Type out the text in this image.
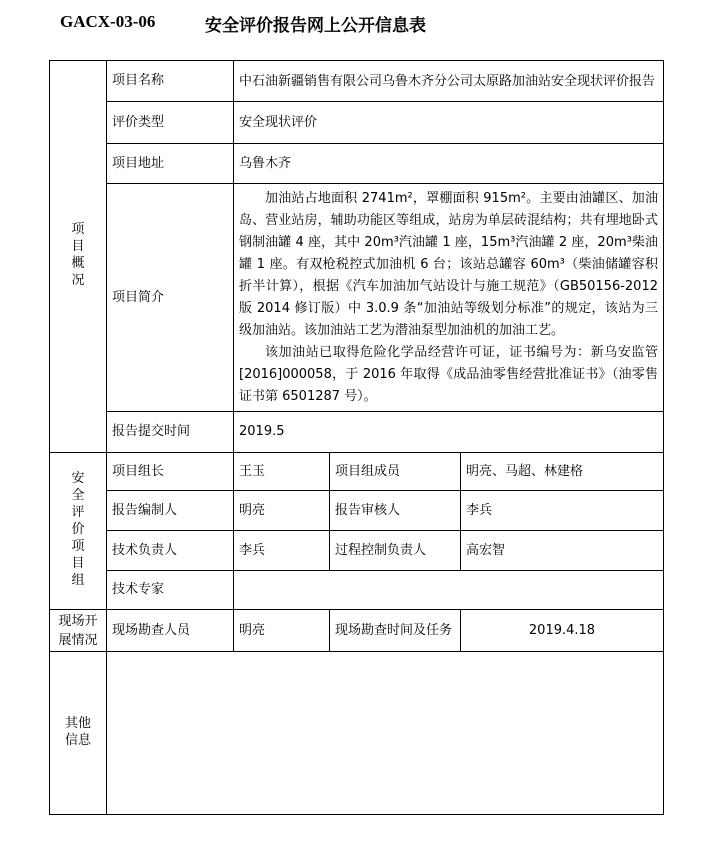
GACX-03-06	安全评价报告网上公开信息表
项目概况	项目名称	中石油新疆销售有限公司乌鲁木齐分公司太原路加油站安全现状评价报告		
	评价类型	安全现状评价		
	项目地址	乌鲁木齐		
	项目简介	加油站占地面积 2741m²，罩棚面积 915m²。主要由油罐区、加油岛、营业站房，辅助功能区等组成，站房为单层砖混结构；共有埋地卧式钢制油罐 4 座，其中 20m³汽油罐 1 座，15m³汽油罐 2 座，20m³柴油罐 1 座。有双枪税控式加油机 6 台；该站总罐容 60m³（柴油储罐容积折半计算），根据《汽车加油加气站设计与施工规范》（GB50156-2012 版 2014 修订版）中 3.0.9 条“加油站等级划分标准”的规定，该站为三级加油站。该加油站工艺为潜油泵型加油机的加油工艺。

该加油站已取得危险化学品经营许可证，证书编号为：新乌安监管[2016]000058，于 2016 年取得《成品油零售经营批准证书》（油零售证书第 6501287 号）。		

	报告提交时间	2019.5		
安全评价项目组	项目组长	王玉	项目组成员	明亮、马超、林建格
	报告编制人	明亮	报告审核人	李兵
	技术负责人	李兵	过程控制负责人	高宏智
	技术专家			
现场开展情况	现场勘查人员	明亮	现场勘查时间及任务	2019.4.18
其他信息				
